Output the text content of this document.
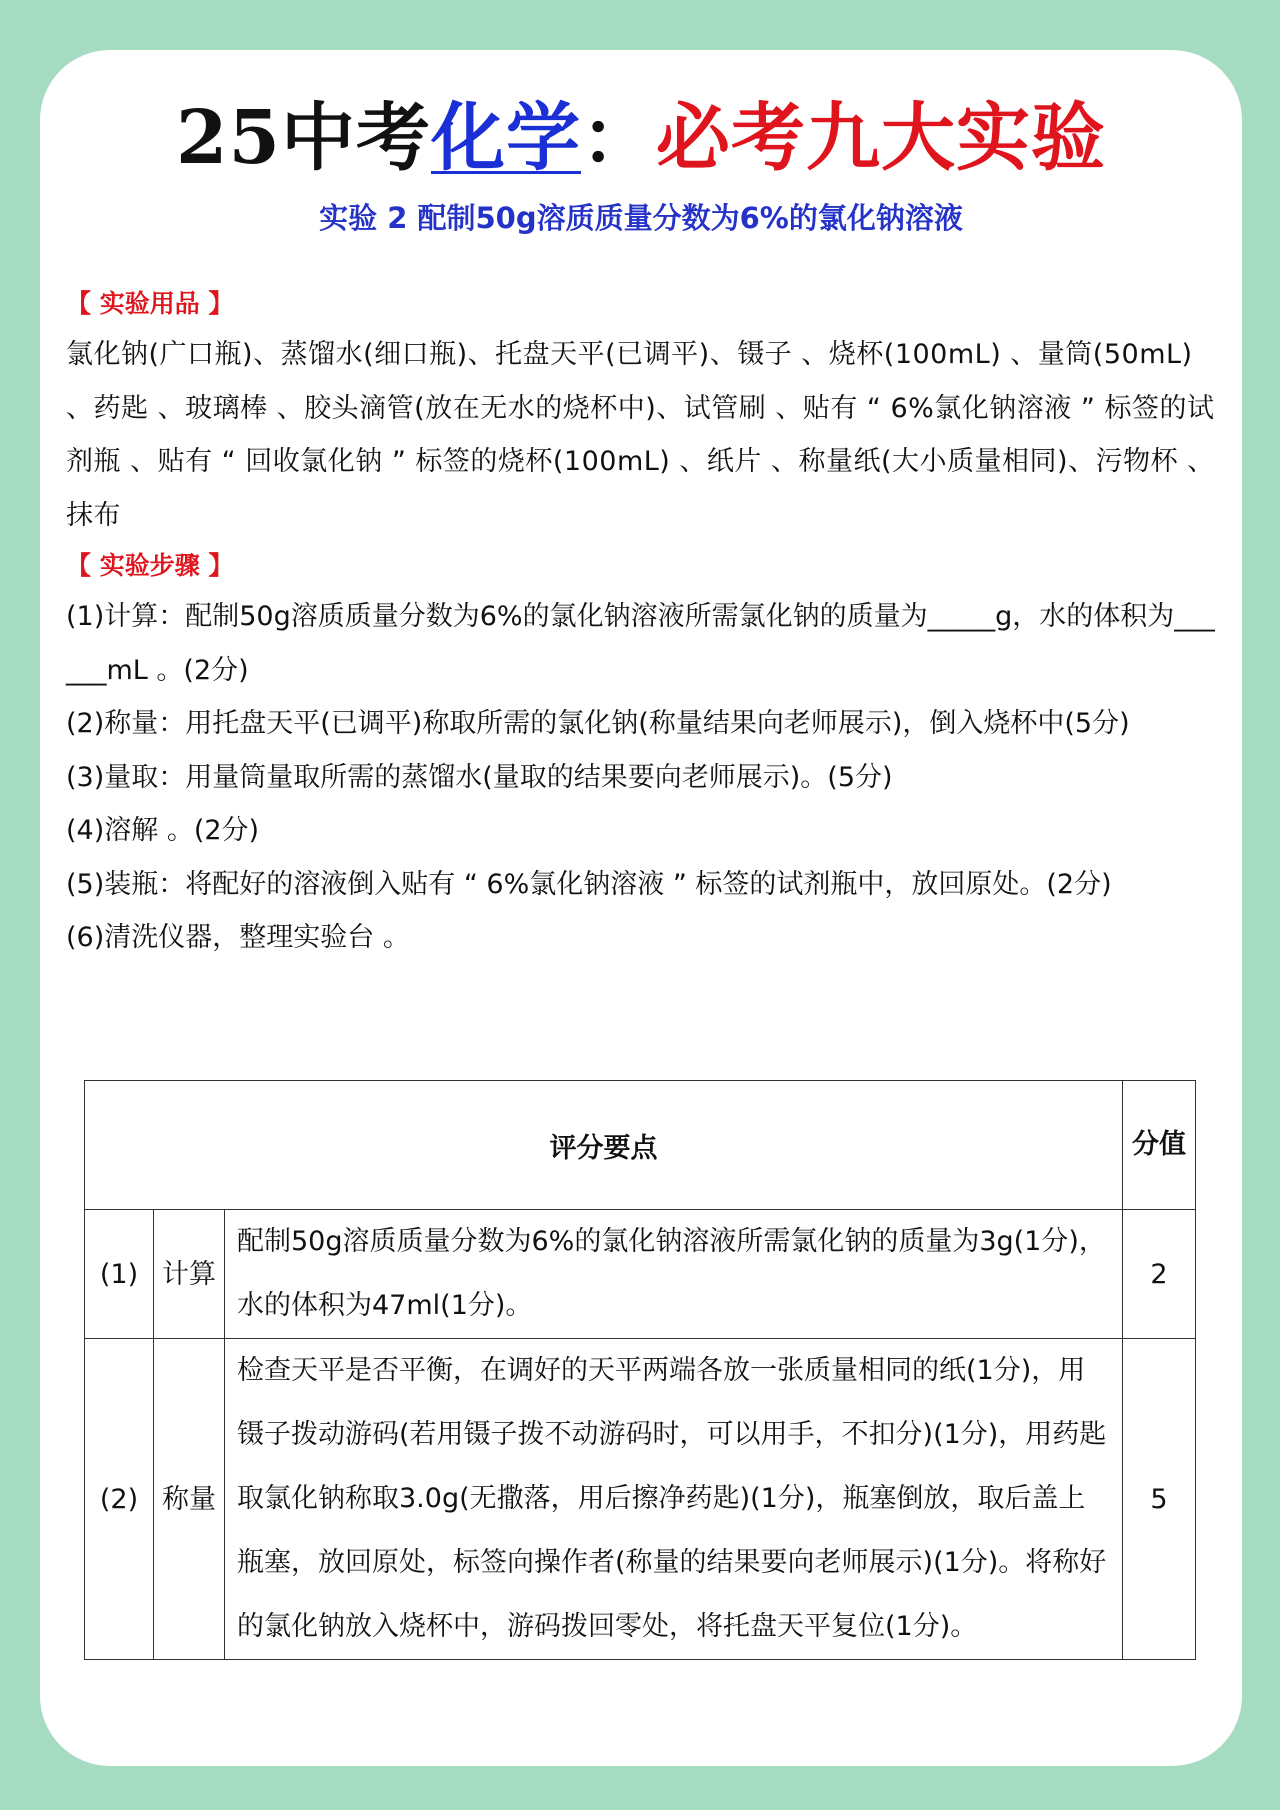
25中考化学：必考九大实验
实验 2 配制50g溶质质量分数为6%的氯化钠溶液
【 实验用品 】
氯化钠(广口瓶)、蒸馏水(细口瓶)、托盘天平(已调平)、镊子 、烧杯(100mL) 、量筒(50mL) 、药匙 、玻璃棒 、胶头滴管(放在无水的烧杯中)、试管刷 、贴有 “ 6%氯化钠溶液 ” 标签的试剂瓶 、贴有 “ 回收氯化钠 ” 标签的烧杯(100mL) 、纸片 、称量纸(大小质量相同)、污物杯 、抹布
【 实验步骤 】
(1)计算：配制50g溶质质量分数为6%的氯化钠溶液所需氯化钠的质量为_____g，水的体积为______mL 。(2分)
(2)称量：用托盘天平(已调平)称取所需的氯化钠(称量结果向老师展示)，倒入烧杯中(5分)
(3)量取：用量筒量取所需的蒸馏水(量取的结果要向老师展示)。(5分)
(4)溶解 。(2分)
(5)装瓶：将配好的溶液倒入贴有 “ 6%氯化钠溶液 ” 标签的试剂瓶中，放回原处。(2分)
(6)清洗仪器，整理实验台 。
评分要点			分值
(1)	计算	配制50g溶质质量分数为6%的氯化钠溶液所需氯化钠的质量为3g(1分)，水的体积为47ml(1分)。	2
(2)	称量	检查天平是否平衡，在调好的天平两端各放一张质量相同的纸(1分)，用镊子拨动游码(若用镊子拨不动游码时，可以用手，不扣分)(1分)，用药匙取氯化钠称取3.0g(无撒落，用后擦净药匙)(1分)，瓶塞倒放，取后盖上瓶塞，放回原处，标签向操作者(称量的结果要向老师展示)(1分)。将称好的氯化钠放入烧杯中，游码拨回零处，将托盘天平复位(1分)。	5
